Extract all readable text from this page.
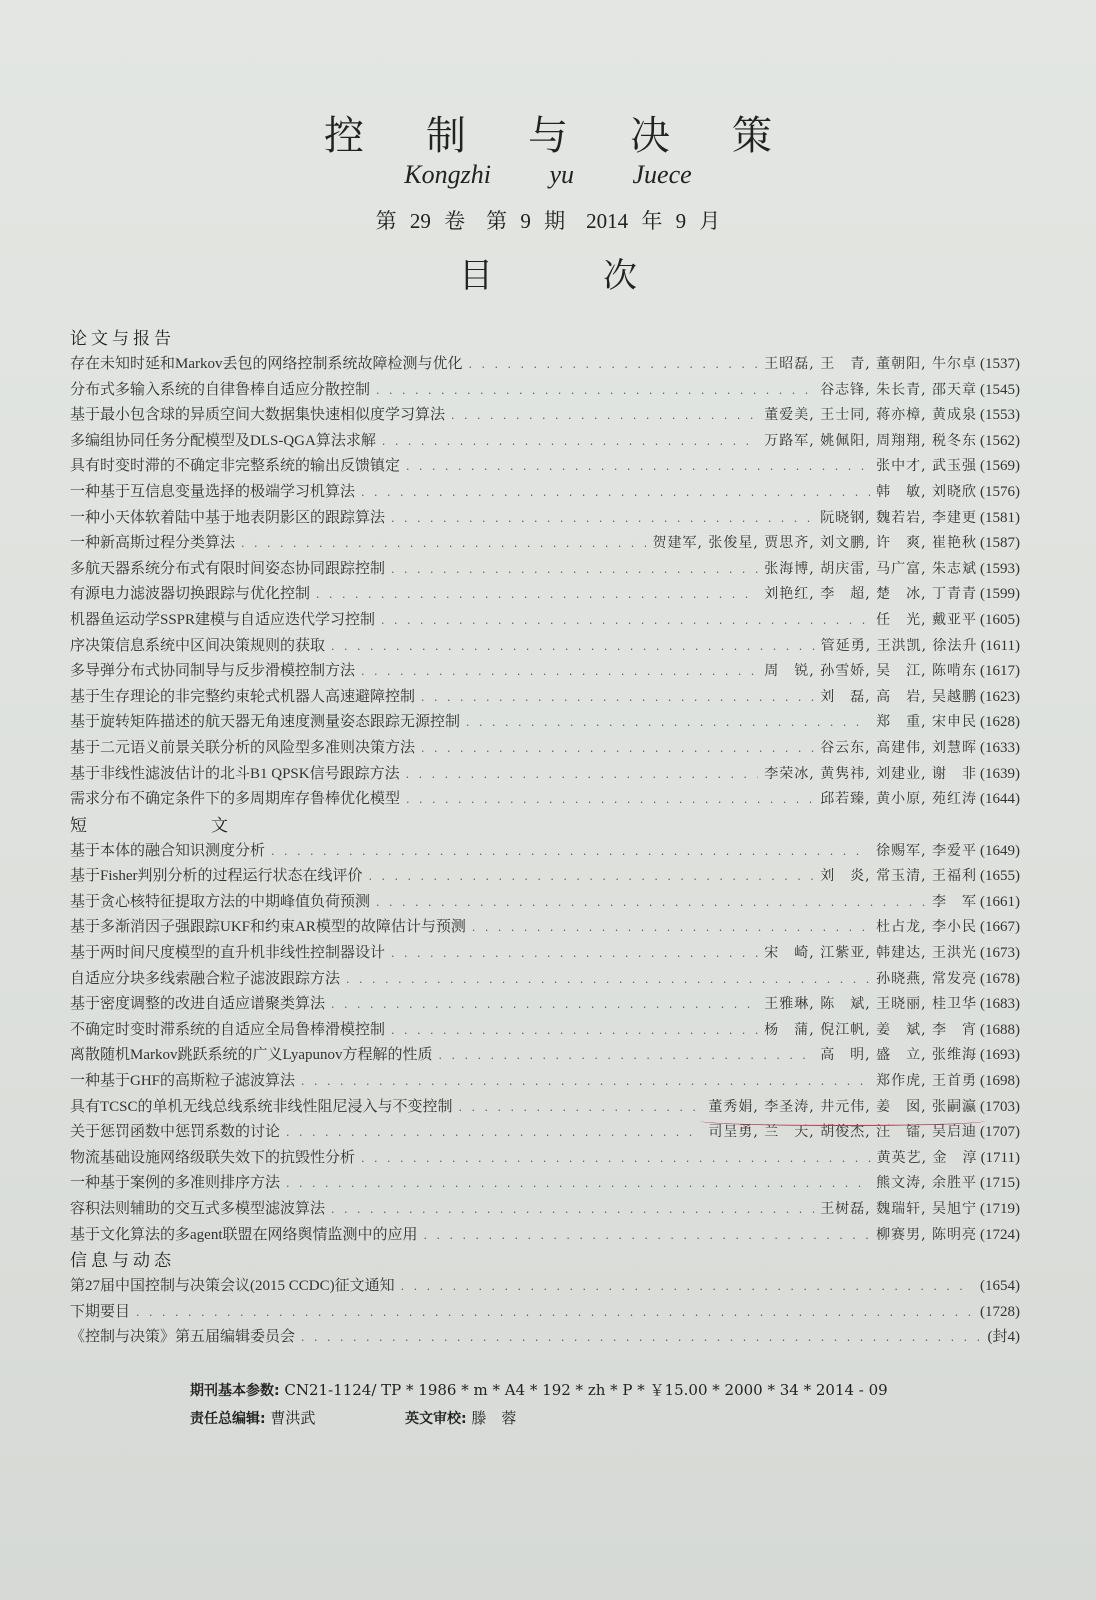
控制与决策
Kongzhi yu Juece
第 29 卷　第 9 期　2014 年 9 月
目次
论文与报告
存在未知时延和Markov丢包的网络控制系统故障检测与优化 . . .	王昭磊, 王　青, 董朝阳, 牛尔卓 (1537)
分布式多输入系统的自律鲁棒自适应分散控制 . . .	谷志锋, 朱长青, 邵天章 (1545)
基于最小包含球的异质空间大数据集快速相似度学习算法 . . .	董爱美, 王士同, 蒋亦樟, 黄成泉 (1553)
多编组协同任务分配模型及DLS-QGA算法求解 . . .	万路军, 姚佩阳, 周翔翔, 税冬东 (1562)
具有时变时滞的不确定非完整系统的输出反馈镇定 . . .	张中才, 武玉强 (1569)
一种基于互信息变量选择的极端学习机算法 . . .	韩　敏, 刘晓欣 (1576)
一种小天体软着陆中基于地表阴影区的跟踪算法 . . .	阮晓钢, 魏若岩, 李建更 (1581)
一种新高斯过程分类算法 . . .	贺建军, 张俊星, 贾思齐, 刘文鹏, 许　爽, 崔艳秋 (1587)
多航天器系统分布式有限时间姿态协同跟踪控制 . . .	张海博, 胡庆雷, 马广富, 朱志斌 (1593)
有源电力滤波器切换跟踪与优化控制 . . .	刘艳红, 李　超, 楚　冰, 丁青青 (1599)
机器鱼运动学SSPR建模与自适应迭代学习控制 . . .	任　光, 戴亚平 (1605)
序决策信息系统中区间决策规则的获取 . . .	管延勇, 王洪凯, 徐法升 (1611)
多导弹分布式协同制导与反步滑模控制方法 . . .	周　锐, 孙雪娇, 吴　江, 陈啃东 (1617)
基于生存理论的非完整约束轮式机器人高速避障控制 . . .	刘　磊, 高　岩, 吴越鹏 (1623)
基于旋转矩阵描述的航天器无角速度测量姿态跟踪无源控制 . . .	郑　重, 宋申民 (1628)
基于二元语义前景关联分析的风险型多准则决策方法 . . .	谷云东, 高建伟, 刘慧晖 (1633)
基于非线性滤波估计的北斗B1 QPSK信号跟踪方法 . . .	李荣冰, 黄隽祎, 刘建业, 谢　非 (1639)
需求分布不确定条件下的多周期库存鲁棒优化模型 . . .	邱若臻, 黄小原, 苑红涛 (1644)
短　　文
基于本体的融合知识测度分析 . . .	徐赐军, 李爱平 (1649)
基于Fisher判别分析的过程运行状态在线评价 . . .	刘　炎, 常玉清, 王福利 (1655)
基于贪心核特征提取方法的中期峰值负荷预测 . . .	李　军 (1661)
基于多渐消因子强跟踪UKF和约束AR模型的故障估计与预测 . . .	杜占龙, 李小民 (1667)
基于两时间尺度模型的直升机非线性控制器设计 . . .	宋　崎, 江紫亚, 韩建达, 王洪光 (1673)
自适应分块多线索融合粒子滤波跟踪方法 . . .	孙晓燕, 常发亮 (1678)
基于密度调整的改进自适应谱聚类算法 . . .	王雅琳, 陈　斌, 王晓丽, 桂卫华 (1683)
不确定时变时滞系统的自适应全局鲁棒滑模控制 . . .	杨　蒲, 倪江帆, 姜　斌, 李　宵 (1688)
离散随机Markov跳跃系统的广义Lyapunov方程解的性质 . . .	高　明, 盛　立, 张维海 (1693)
一种基于GHF的高斯粒子滤波算法 . . .	郑作虎, 王首勇 (1698)
具有TCSC的单机无线总线系统非线性阻尼浸入与不变控制 . . .	董秀娟, 李圣涛, 井元伟, 姜　囡, 张嗣瀛 (1703)
关于惩罚函数中惩罚系数的讨论 . . .	司呈勇, 兰　天, 胡俊杰, 汪　镭, 吴启迪 (1707)
物流基础设施网络级联失效下的抗毁性分析 . . .	黄英艺, 金　淳 (1711)
一种基于案例的多准则排序方法 . . .	熊文涛, 余胜平 (1715)
容积法则辅助的交互式多模型滤波算法 . . .	王树磊, 魏瑞轩, 吴旭宁 (1719)
基于文化算法的多agent联盟在网络舆情监测中的应用 . . .	柳赛男, 陈明亮 (1724)
信息与动态
第27届中国控制与决策会议(2015 CCDC)征文通知 . . .	(1654)
下期要目 . . .	(1728)
《控制与决策》第五届编辑委员会 . . .	(封4)
期刊基本参数: CN21-1124/ TP * 1986 * m * A4 * 192 * zh * P * ￥15.00 * 2000 * 34 * 2014 - 09
责任总编辑: 曹洪武	英文审校: 滕　蓉
